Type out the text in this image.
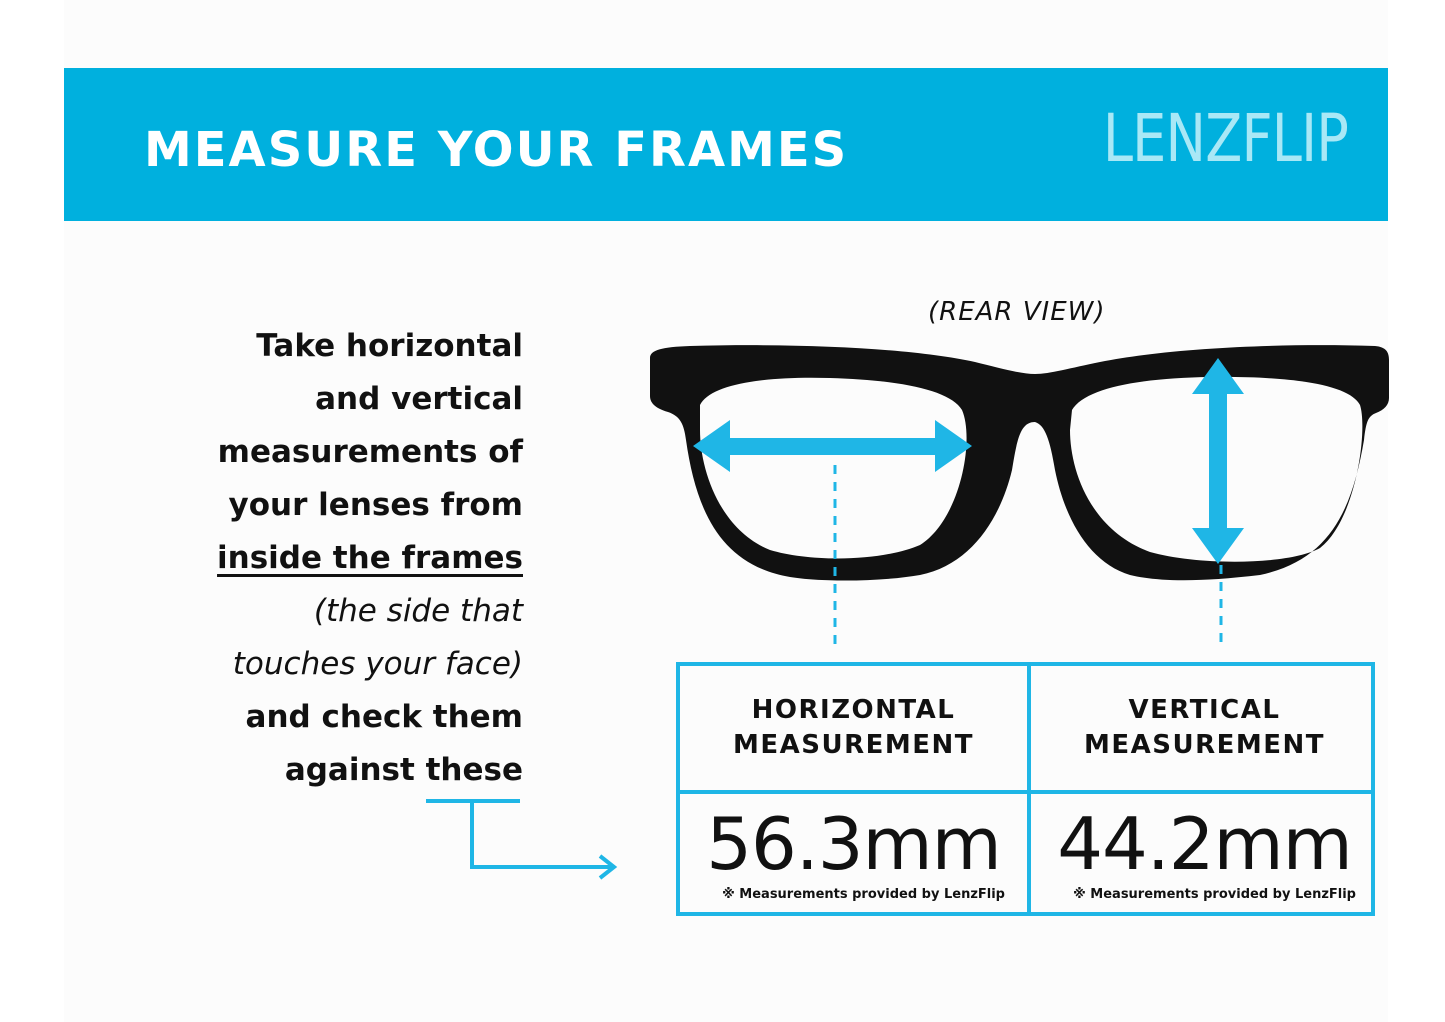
MEASURE YOUR FRAMES	LENZFLIP
Take horizontal
and vertical
measurements of
your lenses from
inside the frames
(the side that
touches your face)
and check them
against these
(REAR VIEW)
HORIZONTAL
MEASUREMENT
VERTICAL
MEASUREMENT
56.3mm
※ Measurements provided by LenzFlip
44.2mm
※ Measurements provided by LenzFlip
